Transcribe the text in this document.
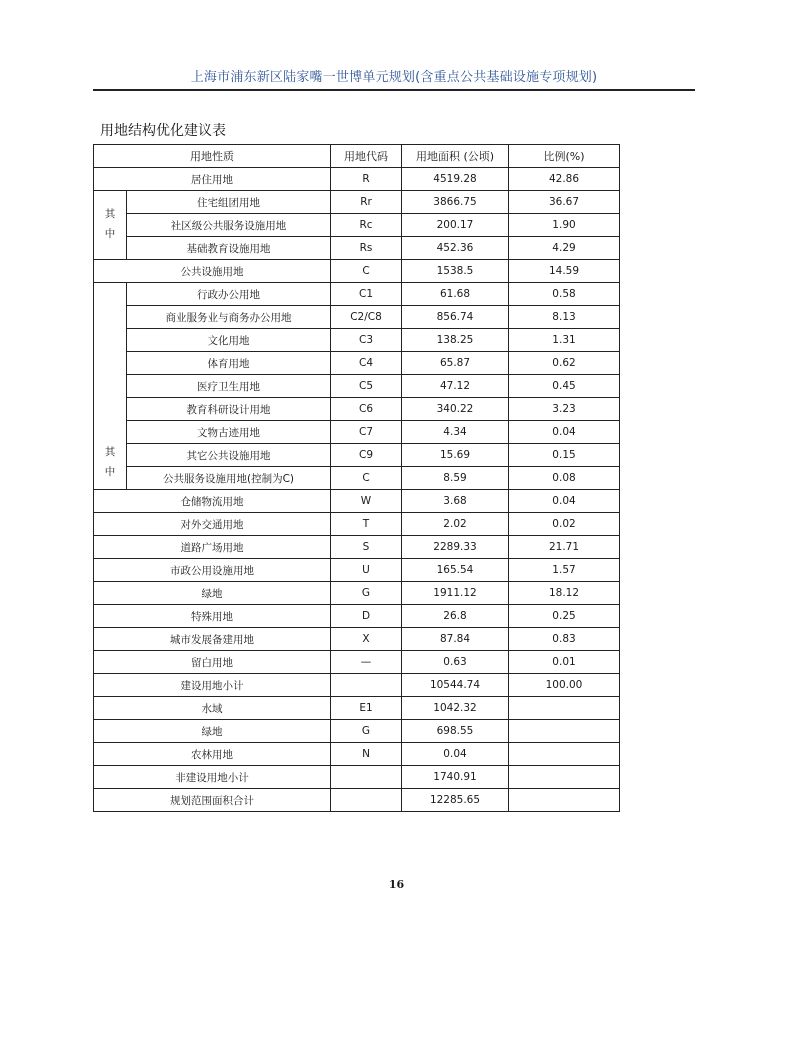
上海市浦东新区陆家嘴一世博单元规划(含重点公共基础设施专项规划)
用地结构优化建议表
用地性质		用地代码	用地面积 (公顷)	比例(%)
居住用地		R	4519.28	42.86
其
中	住宅组团用地	Rr	3866.75	36.67
	社区级公共服务设施用地	Rc	200.17	1.90
	基础教育设施用地	Rs	452.36	4.29
公共设施用地		C	1538.5	14.59
其
中	行政办公用地	C1	61.68	0.58
	商业服务业与商务办公用地	C2/C8	856.74	8.13
	文化用地	C3	138.25	1.31
	体育用地	C4	65.87	0.62
	医疗卫生用地	C5	47.12	0.45
	教育科研设计用地	C6	340.22	3.23
	文物古迹用地	C7	4.34	0.04
	其它公共设施用地	C9	15.69	0.15
	公共服务设施用地(控制为C)	C	8.59	0.08
仓储物流用地		W	3.68	0.04
对外交通用地		T	2.02	0.02
道路广场用地		S	2289.33	21.71
市政公用设施用地		U	165.54	1.57
绿地		G	1911.12	18.12
特殊用地		D	26.8	0.25
城市发展备建用地		X	87.84	0.83
留白用地		—	0.63	0.01
建设用地小计			10544.74	100.00
水域		E1	1042.32	
绿地		G	698.55	
农林用地		N	0.04	
非建设用地小计			1740.91	
规划范围面积合计			12285.65	
16
